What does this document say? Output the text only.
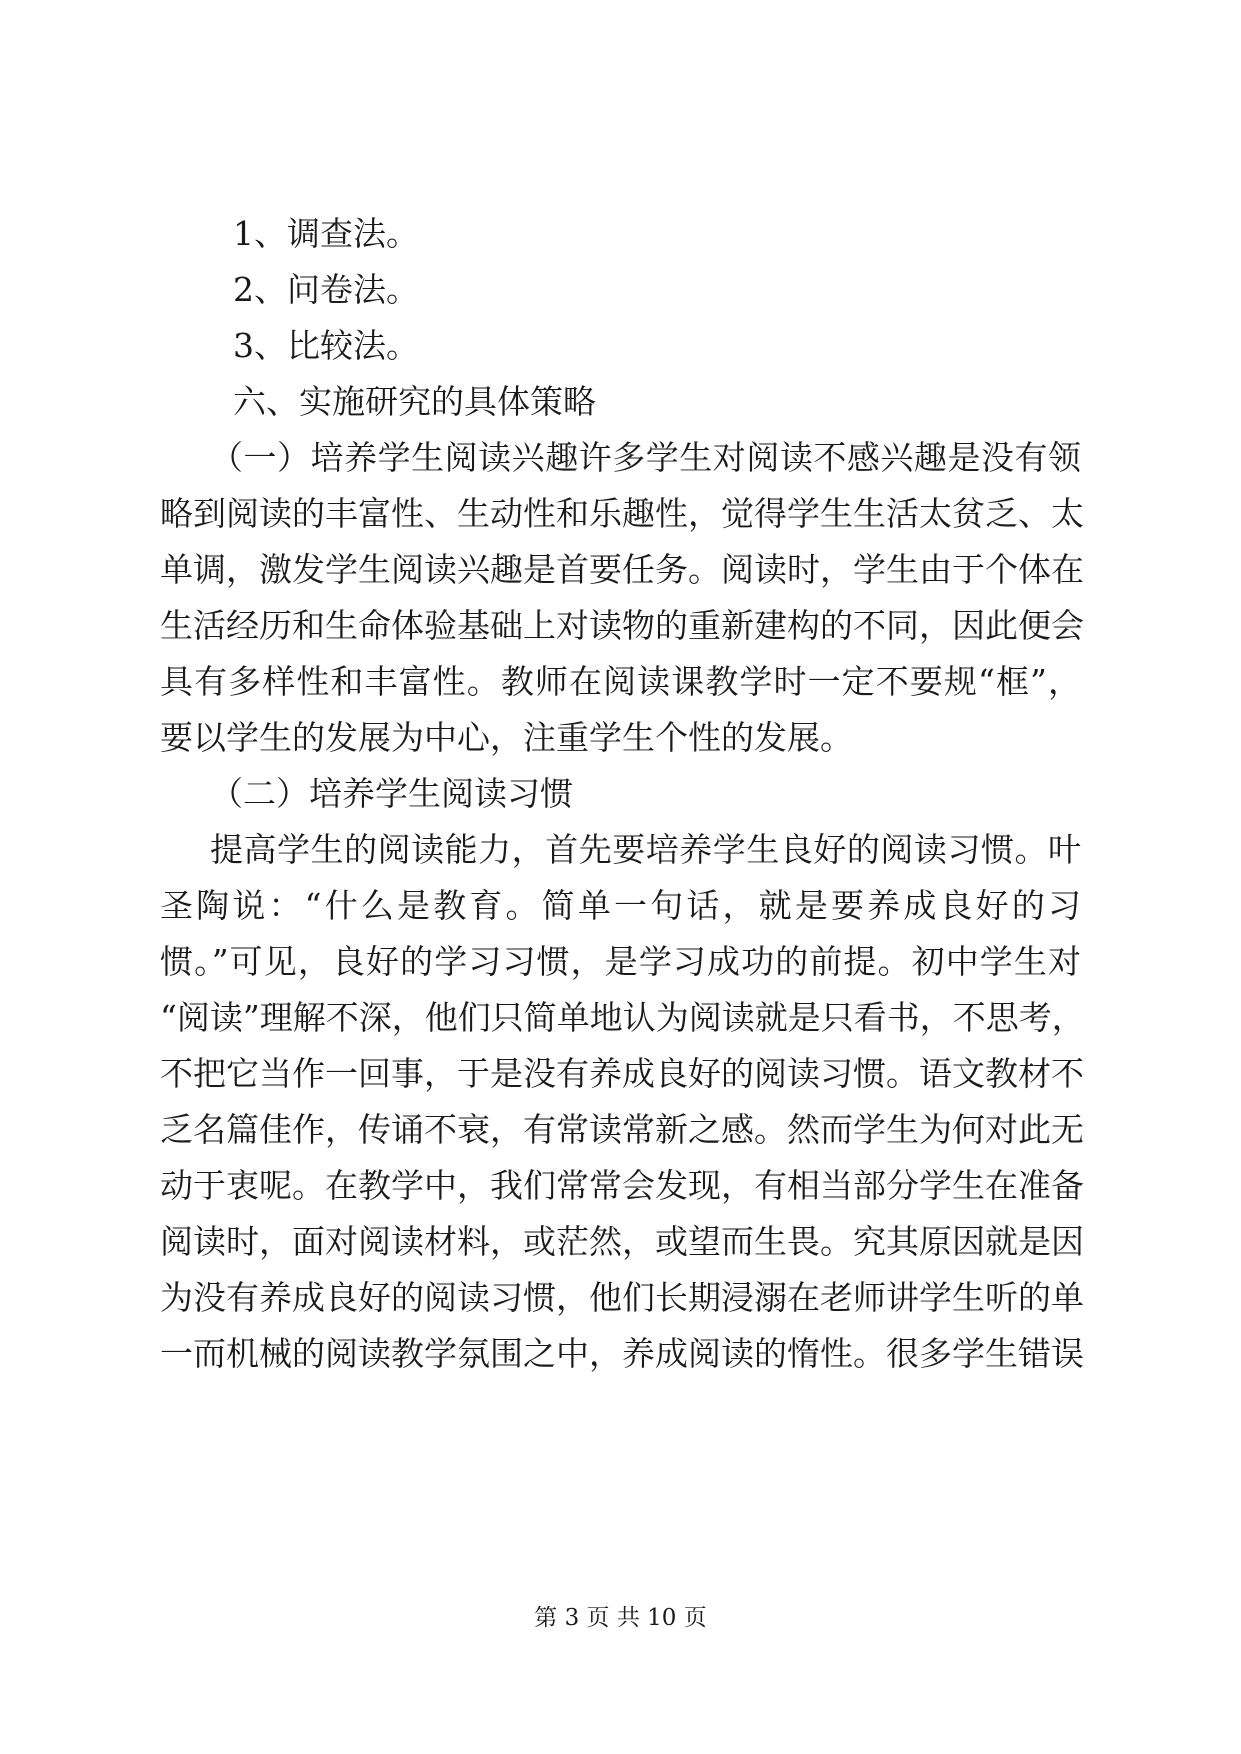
1、调查法。
2、问卷法。
3、比较法。
六、实施研究的具体策略
（一）培养学生阅读兴趣许多学生对阅读不感兴趣是没有领
略到阅读的丰富性、生动性和乐趣性，觉得学生生活太贫乏、太
单调，激发学生阅读兴趣是首要任务。阅读时，学生由于个体在
生活经历和生命体验基础上对读物的重新建构的不同，因此便会
具有多样性和丰富性。教师在阅读课教学时一定不要规“框”，
要以学生的发展为中心，注重学生个性的发展。
（二）培养学生阅读习惯
提高学生的阅读能力，首先要培养学生良好的阅读习惯。叶
圣陶说：“什么是教育。简单一句话，就是要养成良好的习
惯。”可见，良好的学习习惯，是学习成功的前提。初中学生对
“阅读”理解不深，他们只简单地认为阅读就是只看书，不思考，
不把它当作一回事，于是没有养成良好的阅读习惯。语文教材不
乏名篇佳作，传诵不衰，有常读常新之感。然而学生为何对此无
动于衷呢。在教学中，我们常常会发现，有相当部分学生在准备
阅读时，面对阅读材料，或茫然，或望而生畏。究其原因就是因
为没有养成良好的阅读习惯，他们长期浸溺在老师讲学生听的单
一而机械的阅读教学氛围之中，养成阅读的惰性。很多学生错误
第 3 页 共 10 页
